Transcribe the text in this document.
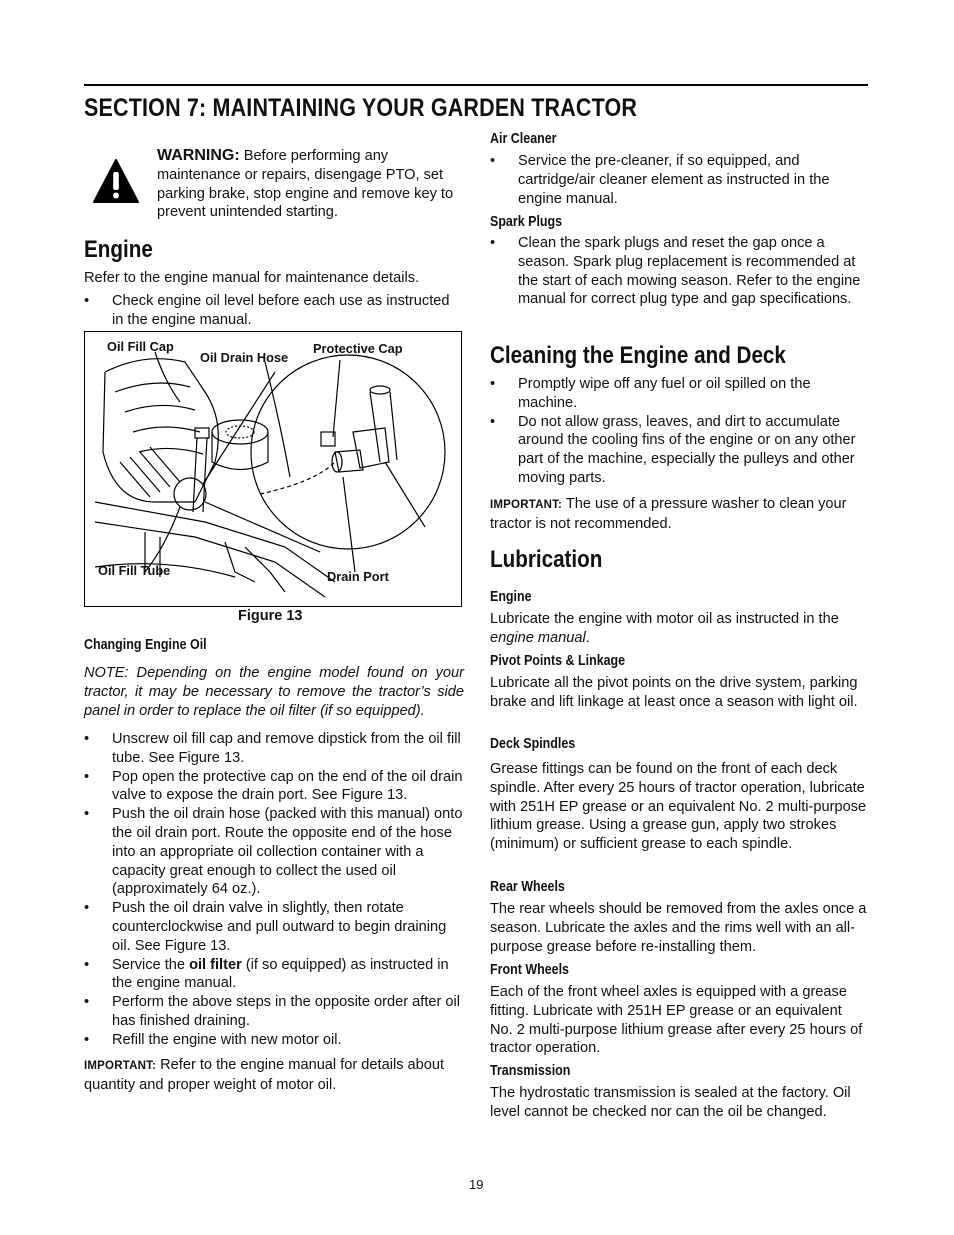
SECTION 7: MAINTAINING YOUR GARDEN TRACTOR

WARNING: Before performing any maintenance or repairs, disengage PTO, set parking brake, stop engine and remove key to prevent unintended starting.

Engine

Refer to the engine manual for maintenance details.

• Check engine oil level before each use as instructed in the engine manual.
Changing Engine Oil

NOTE: Depending on the engine model found on your tractor, it may be necessary to remove the tractor’s side panel in order to replace the oil filter (if so equipped).

• Unscrew oil fill cap and remove dipstick from the oil fill tube. See Figure 13.
• Pop open the protective cap on the end of the oil drain valve to expose the drain port. See Figure 13.
• Push the oil drain hose (packed with this manual) onto the oil drain port. Route the opposite end of the hose into an appropriate oil collection container with a capacity great enough to collect the used oil (approximately 64 oz.).
• Push the oil drain valve in slightly, then rotate counterclockwise and pull outward to begin draining oil. See Figure 13.
• Service the oil filter (if so equipped) as instructed in the engine manual.
• Perform the above steps in the opposite order after oil has finished draining.
• Refill the engine with new motor oil.

IMPORTANT: Refer to the engine manual for details about quantity and proper weight of motor oil.

Oil Fill Cap
Oil Drain Hose
Protective Cap
Oil Fill Tube	Drain Port
Figure 13
Air Cleaner
• Service the pre-cleaner, if so equipped, and cartridge/air cleaner element as instructed in the engine manual.
Spark Plugs
• Clean the spark plugs and reset the gap once a season. Spark plug replacement is recommended at the start of each mowing season. Refer to the engine manual for correct plug type and gap specifications.
Cleaning the Engine and Deck
• Promptly wipe off any fuel or oil spilled on the machine.
• Do not allow grass, leaves, and dirt to accumulate around the cooling fins of the engine or on any other part of the machine, especially the pulleys and other moving parts.

IMPORTANT: The use of a pressure washer to clean your tractor is not recommended.

Lubrication
Engine

Lubricate the engine with motor oil as instructed in the engine manual.

Pivot Points & Linkage

Lubricate all the pivot points on the drive system, parking brake and lift linkage at least once a season with light oil.

Deck Spindles

Grease fittings can be found on the front of each deck spindle. After every 25 hours of tractor operation, lubricate with 251H EP grease or an equivalent No. 2 multi-purpose lithium grease. Using a grease gun, apply two strokes (minimum) or sufficient grease to each spindle.

Rear Wheels

The rear wheels should be removed from the axles once a season. Lubricate the axles and the rims well with an all-purpose grease before re-installing them.

Front Wheels

Each of the front wheel axles is equipped with a grease fitting. Lubricate with 251H EP grease or an equivalent No. 2 multi-purpose lithium grease after every 25 hours of tractor operation.

Transmission

The hydrostatic transmission is sealed at the factory. Oil level cannot be checked nor can the oil be changed.

19
